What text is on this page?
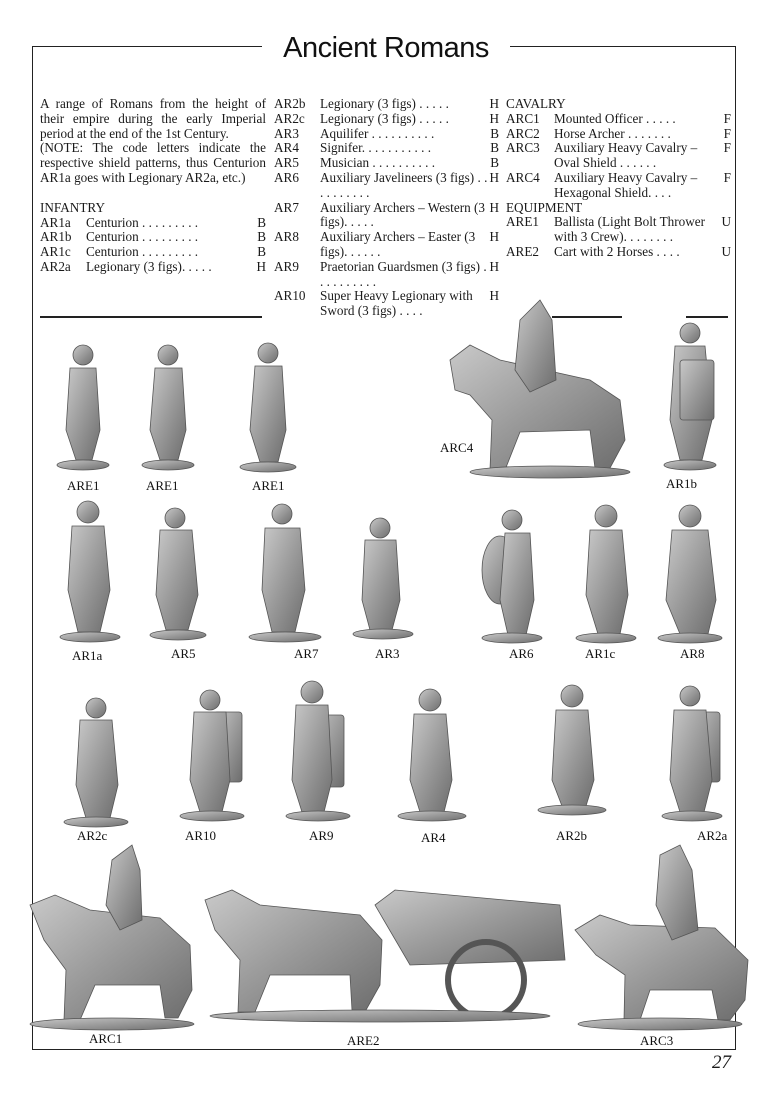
Ancient Romans
A range of Romans from the height of their empire during the early Imperial period at the end of the 1st Century.
(NOTE: The code letters indicate the respective shield patterns, thus Centurion AR1a goes with Legionary AR2a, etc.)
INFANTRY
AR1a	Centurion . . . . . . . . .	B
AR1b	Centurion . . . . . . . . .	B
AR1c	Centurion . . . . . . . . .	B
AR2a	Legionary (3 figs). . . . .	H
AR2b	Legionary (3 figs) . . . . .	H
AR2c	Legionary (3 figs) . . . . .	H
AR3	Aquilifer . . . . . . . . . .	B
AR4	Signifer. . . . . . . . . . .	B
AR5	Musician . . . . . . . . . .	B
AR6	Auxiliary Javelineers (3 figs) . . . . . . . . . .
H
AR7	Auxiliary Archers – Western (3 figs). . . . .
H
AR8	Auxiliary Archers – Easter (3 figs). . . . . .
H
AR9	Praetorian Guardsmen (3 figs) . . . . . . . . . .
H
AR10	Super Heavy Legionary with Sword (3 figs) . . . .
H
CAVALRY
ARC1	Mounted Officer . . . . .	F
ARC2	Horse Archer . . . . . . .	F
ARC3	Auxiliary Heavy Cavalry – Oval Shield . . . . . .
F
ARC4	Auxiliary Heavy Cavalry – Hexagonal Shield. . . .
F
EQUIPMENT
ARE1	Ballista (Light Bolt Thrower with 3 Crew). . . . . . . .
U
ARE2	Cart with 2 Horses . . . .	U
ARE1	ARE1	ARE1
ARC4
AR1b
AR1a	AR5	AR7	AR3	AR6	AR1c	AR8
AR2c	AR10	AR9	AR4	AR2b	AR2a
ARC1	ARE2	ARC3
27
